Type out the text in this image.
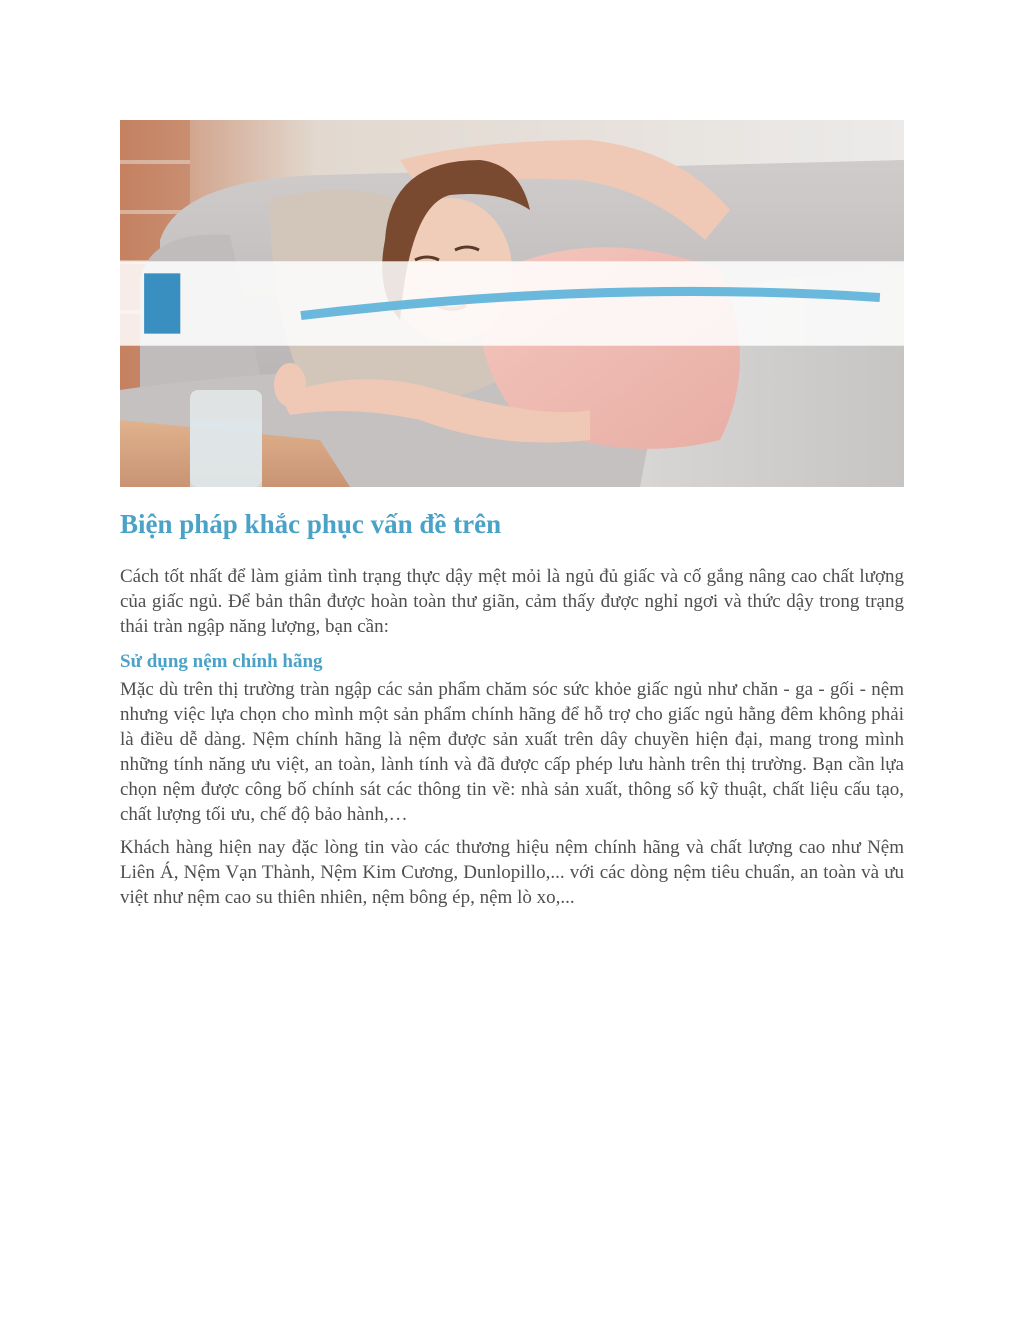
Biện pháp khắc phục vấn đề trên

Cách tốt nhất để làm giảm tình trạng thực dậy mệt mỏi là ngủ đủ giấc và cố gắng nâng cao chất lượng của giấc ngủ. Để bản thân được hoàn toàn thư giãn, cảm thấy được nghỉ ngơi và thức dậy trong trạng thái tràn ngập năng lượng, bạn cần:

Sử dụng nệm chính hãng

Mặc dù trên thị trường tràn ngập các sản phẩm chăm sóc sức khỏe giấc ngủ như chăn - ga - gối - nệm nhưng việc lựa chọn cho mình một sản phẩm chính hãng để hỗ trợ cho giấc ngủ hằng đêm không phải là điều dễ dàng. Nệm chính hãng là nệm được sản xuất trên dây chuyền hiện đại, mang trong mình những tính năng ưu việt, an toàn, lành tính và đã được cấp phép lưu hành trên thị trường. Bạn cần lựa chọn nệm được công bố chính sát các thông tin về: nhà sản xuất, thông số kỹ thuật, chất liệu cấu tạo, chất lượng tối ưu, chế độ bảo hành,…

Khách hàng hiện nay đặc lòng tin vào các thương hiệu nệm chính hãng và chất lượng cao như Nệm Liên Á, Nệm Vạn Thành, Nệm Kim Cương, Dunlopillo,... với các dòng nệm tiêu chuẩn, an toàn và ưu việt như nệm cao su thiên nhiên, nệm bông ép, nệm lò xo,...
